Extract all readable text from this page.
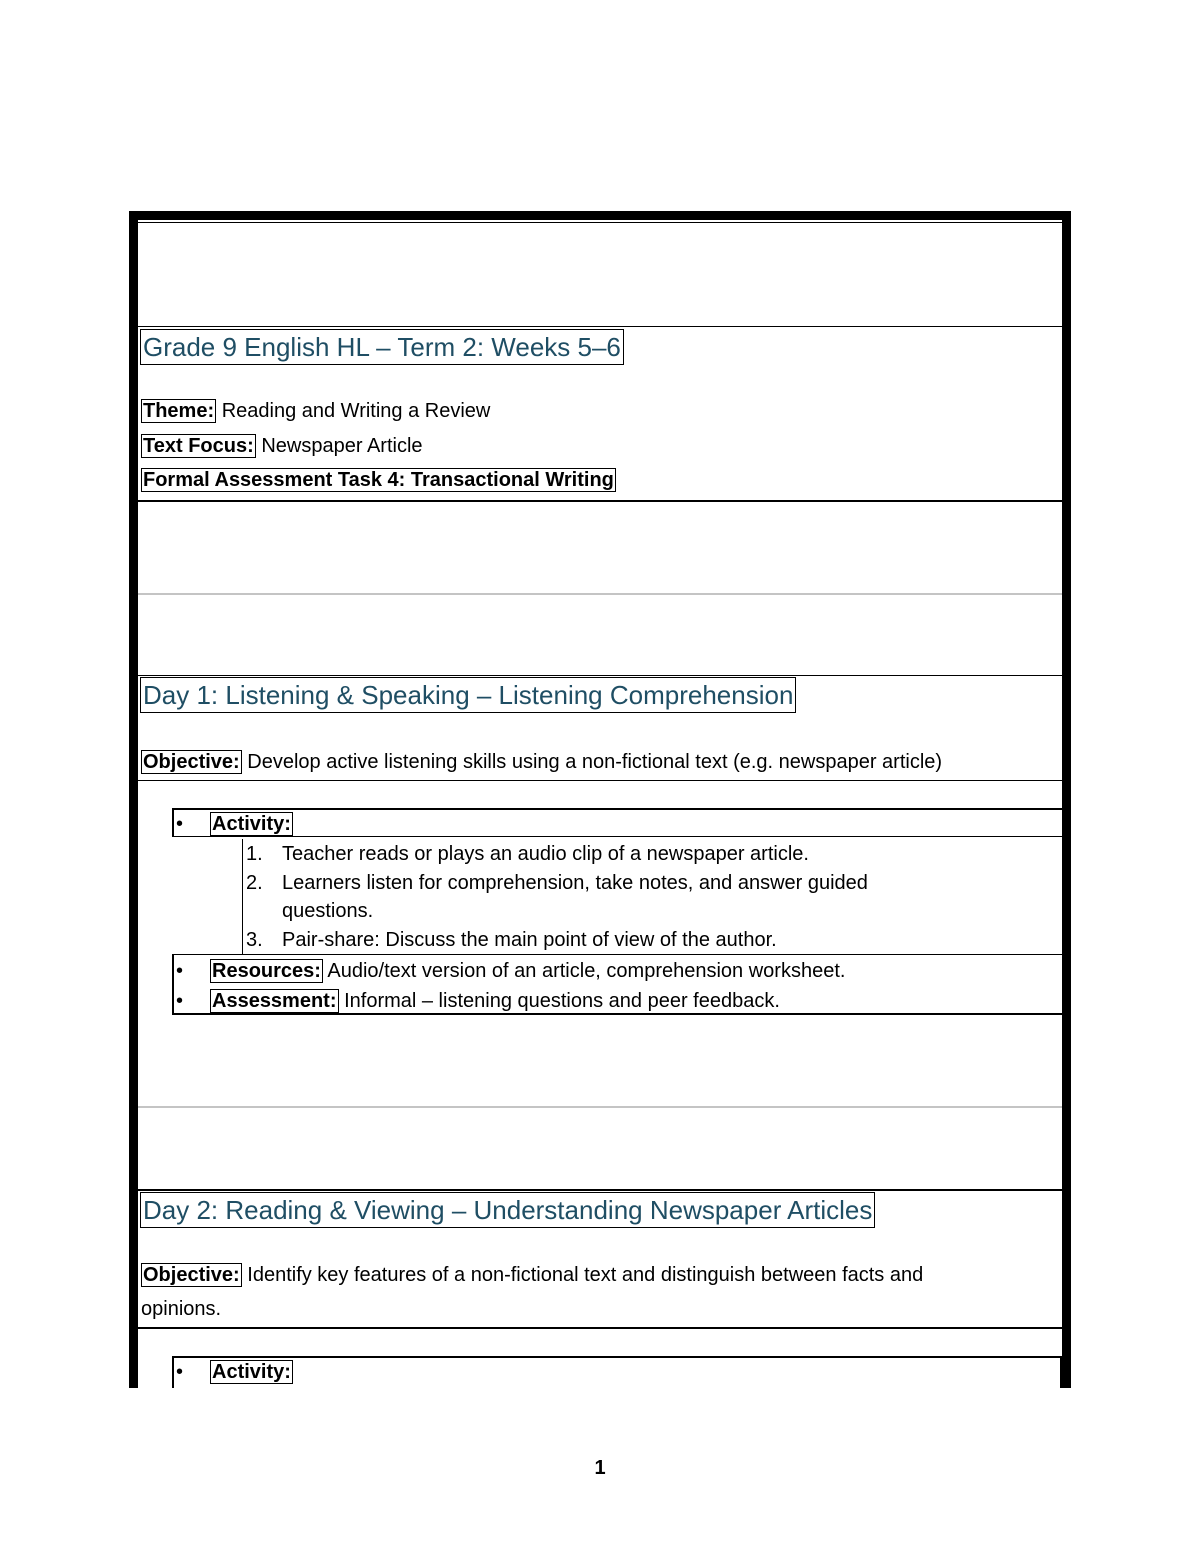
Grade 9 English HL – Term 2: Weeks 5–6
Theme: Reading and Writing a Review
Text Focus: Newspaper Article
Formal Assessment Task 4: Transactional Writing
Day 1: Listening & Speaking – Listening Comprehension
Objective: Develop active listening skills using a non-fictional text (e.g. newspaper article)
• Activity:
1. Teacher reads or plays an audio clip of a newspaper article.
2. Learners listen for comprehension, take notes, and answer guided
questions.
3. Pair-share: Discuss the main point of view of the author.
• Resources: Audio/text version of an article, comprehension worksheet.
• Assessment: Informal – listening questions and peer feedback.
Day 2: Reading & Viewing – Understanding Newspaper Articles
Objective: Identify key features of a non-fictional text and distinguish between facts and
opinions.
• Activity:
1
